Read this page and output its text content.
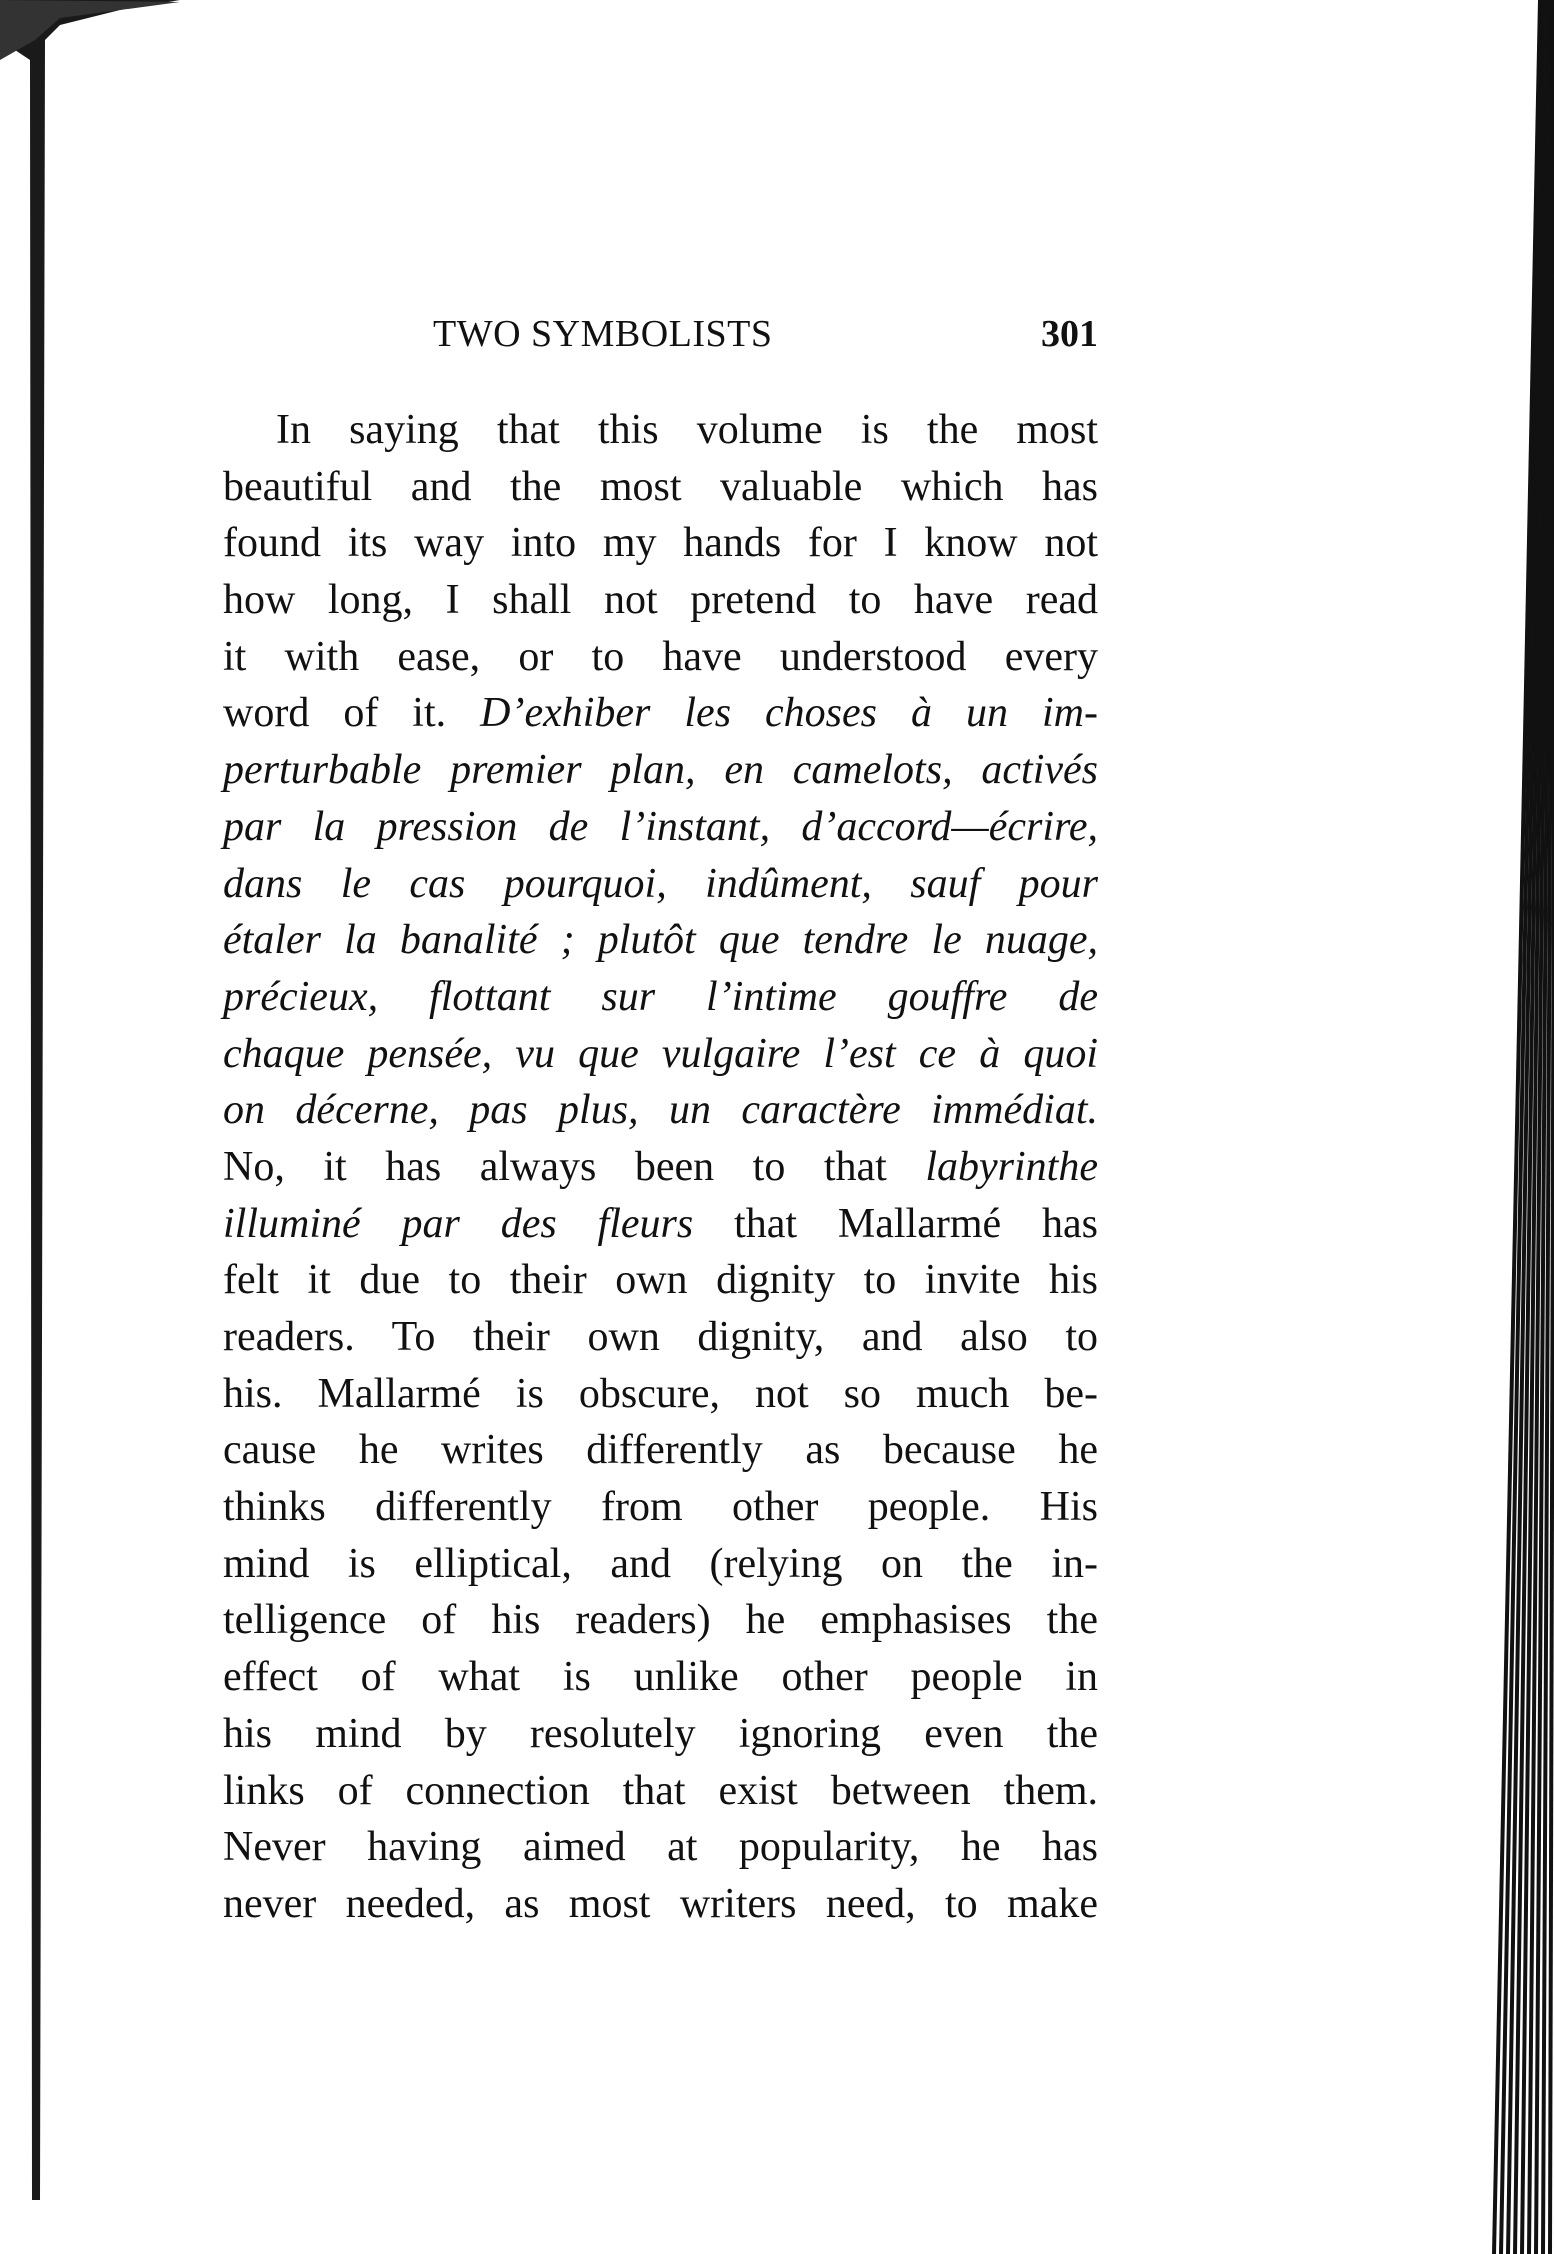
TWO SYMBOLISTS	301
In saying that this volume is the most
beautiful and the most valuable which has
found its way into my hands for I know not
how long, I shall not pretend to have read
it with ease, or to have understood every
word of it. D’exhiber les choses à un im-
perturbable premier plan, en camelots, activés
par la pression de l’instant, d’accord—écrire,
dans le cas pourquoi, indûment, sauf pour
étaler la banalité ; plutôt que tendre le nuage,
précieux, flottant sur l’intime gouffre de
chaque pensée, vu que vulgaire l’est ce à quoi
on décerne, pas plus, un caractère immédiat.
No, it has always been to that labyrinthe
illuminé par des fleurs that Mallarmé has
felt it due to their own dignity to invite his
readers. To their own dignity, and also to
his. Mallarmé is obscure, not so much be-
cause he writes differently as because he
thinks differently from other people. His
mind is elliptical, and (relying on the in-
telligence of his readers) he emphasises the
effect of what is unlike other people in
his mind by resolutely ignoring even the
links of connection that exist between them.
Never having aimed at popularity, he has
never needed, as most writers need, to make
